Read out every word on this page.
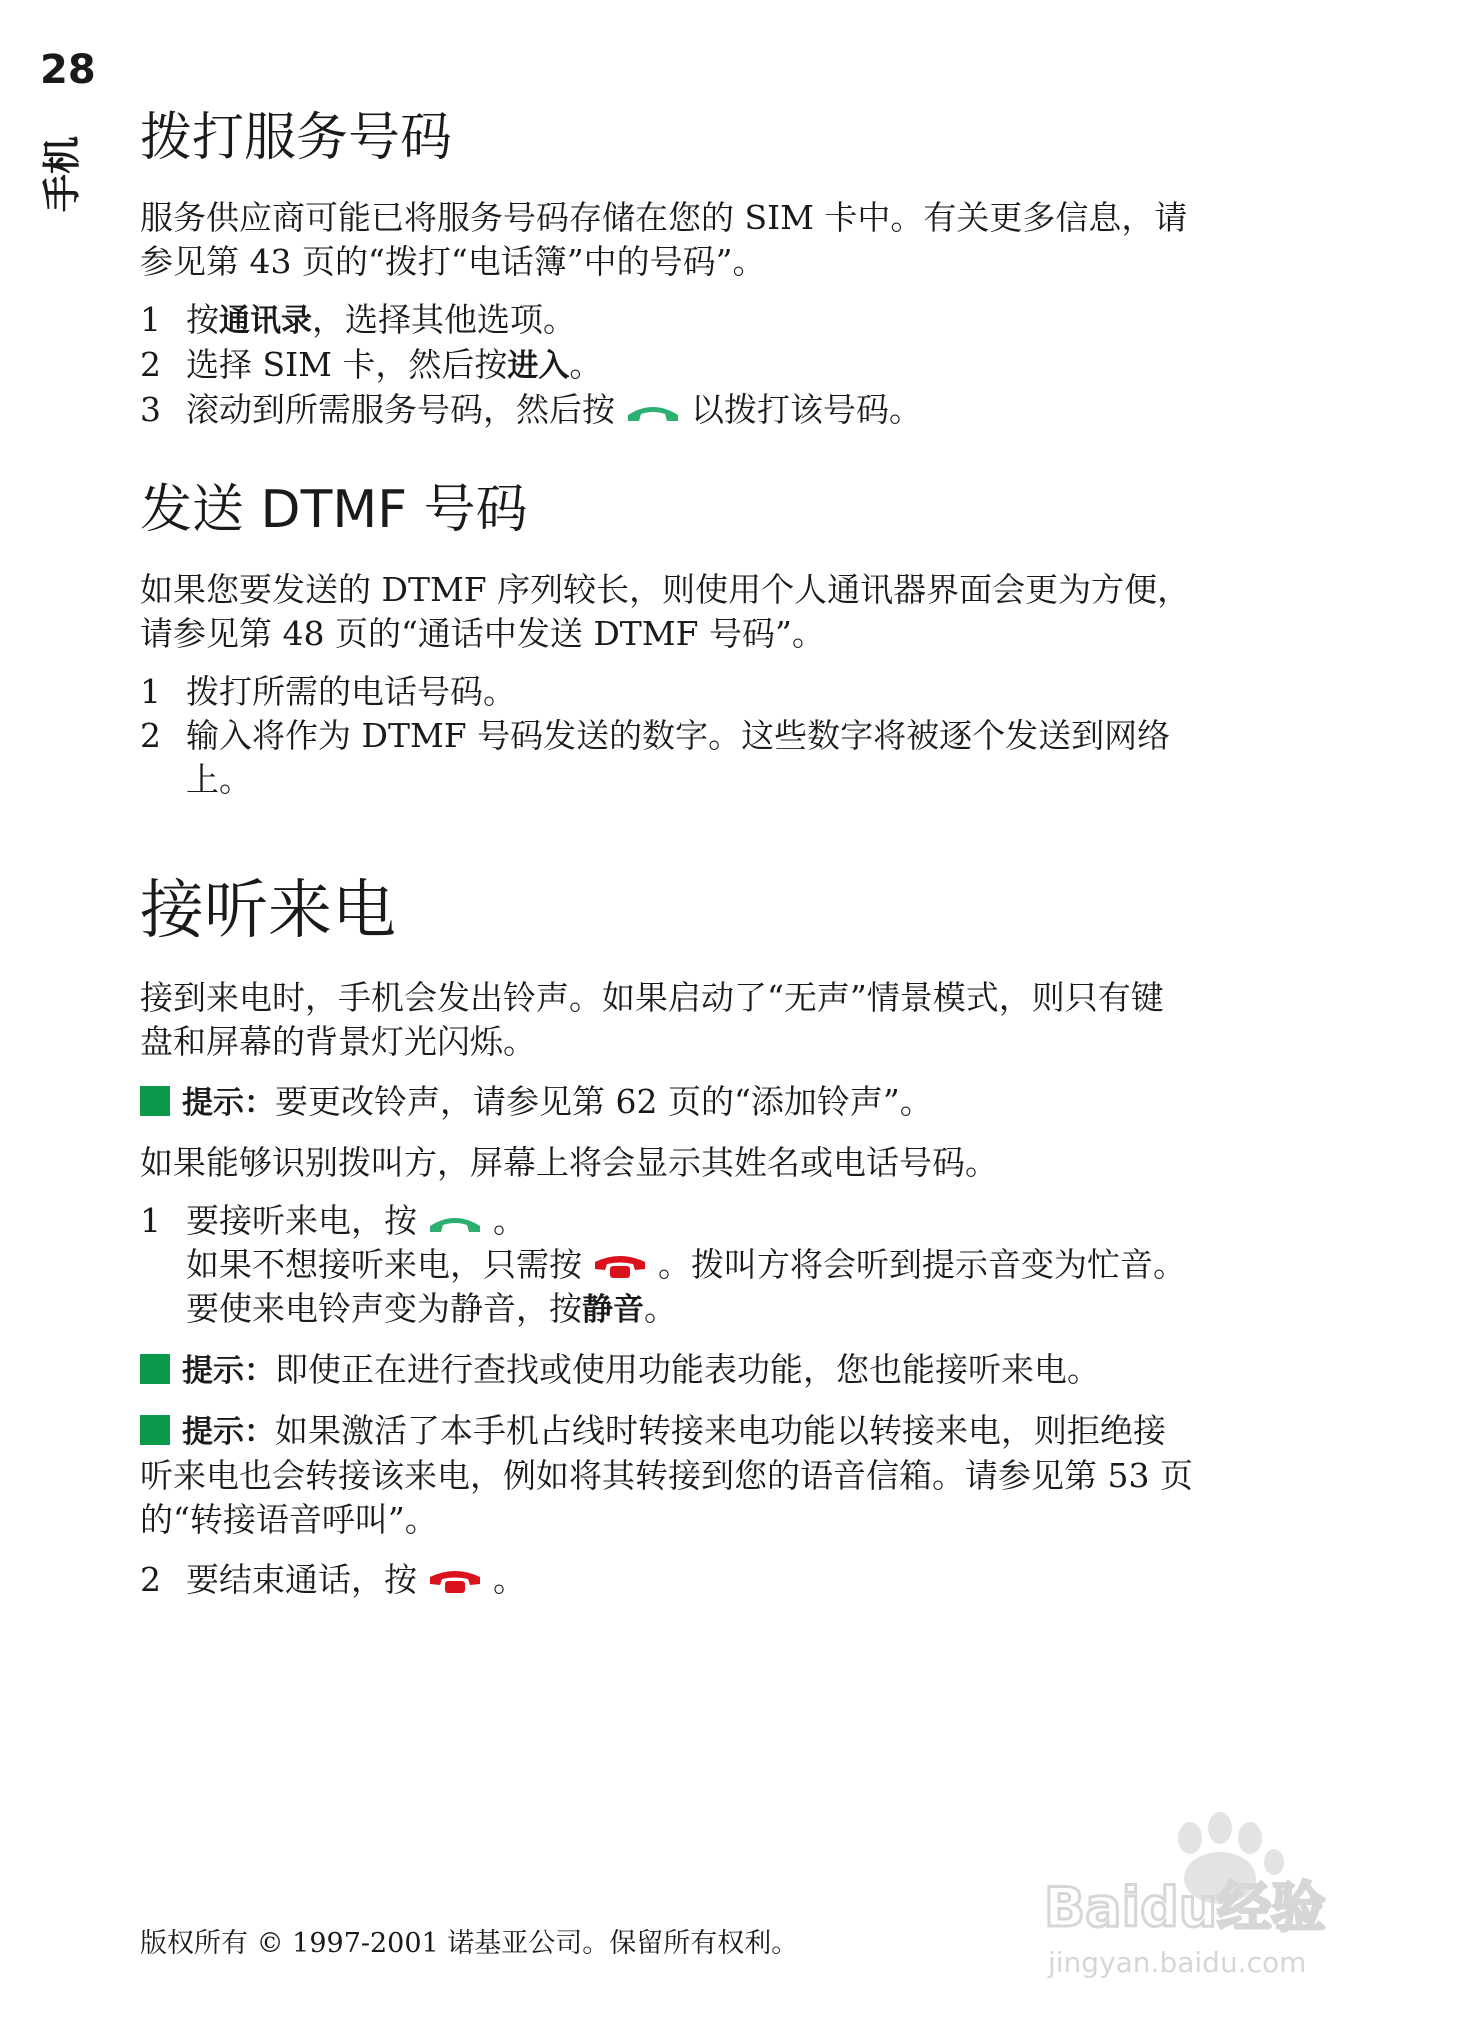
28
手机 拨打服务号码

服务供应商可能已将服务号码存储在您的 SIM 卡中。有关更多信息，请

参见第 43 页的“拨打“电话簿”中的号码”。

1 按通讯录，选择其他选项。
2 选择 SIM 卡，然后按进入。
3 滚动到所需服务号码，然后按 以拨打该号码。
发送 DTMF 号码

如果您要发送的 DTMF 序列较长，则使用个人通讯器界面会更为方便，

请参见第 48 页的“通话中发送 DTMF 号码”。

1 拨打所需的电话号码。
2 输入将作为 DTMF 号码发送的数字。这些数字将被逐个发送到网络
上。
接听来电

接到来电时，手机会发出铃声。如果启动了“无声”情景模式，则只有键

盘和屏幕的背景灯光闪烁。

提示：要更改铃声，请参见第 62 页的“添加铃声”。

如果能够识别拨叫方，屏幕上将会显示其姓名或电话号码。

1 要接听来电，按 。
如果不想接听来电，只需按 。拨叫方将会听到提示音变为忙音。
要使来电铃声变为静音，按静音。
提示：即使正在进行查找或使用功能表功能，您也能接听来电。
提示：如果激活了本手机占线时转接来电功能以转接来电，则拒绝接
听来电也会转接该来电，例如将其转接到您的语音信箱。请参见第 53 页
的“转接语音呼叫”。
2 要结束通话，按 。
版权所有 © 1997-2001 诺基亚公司。保留所有权利。
Baidu经验
jingyan.baidu.com
